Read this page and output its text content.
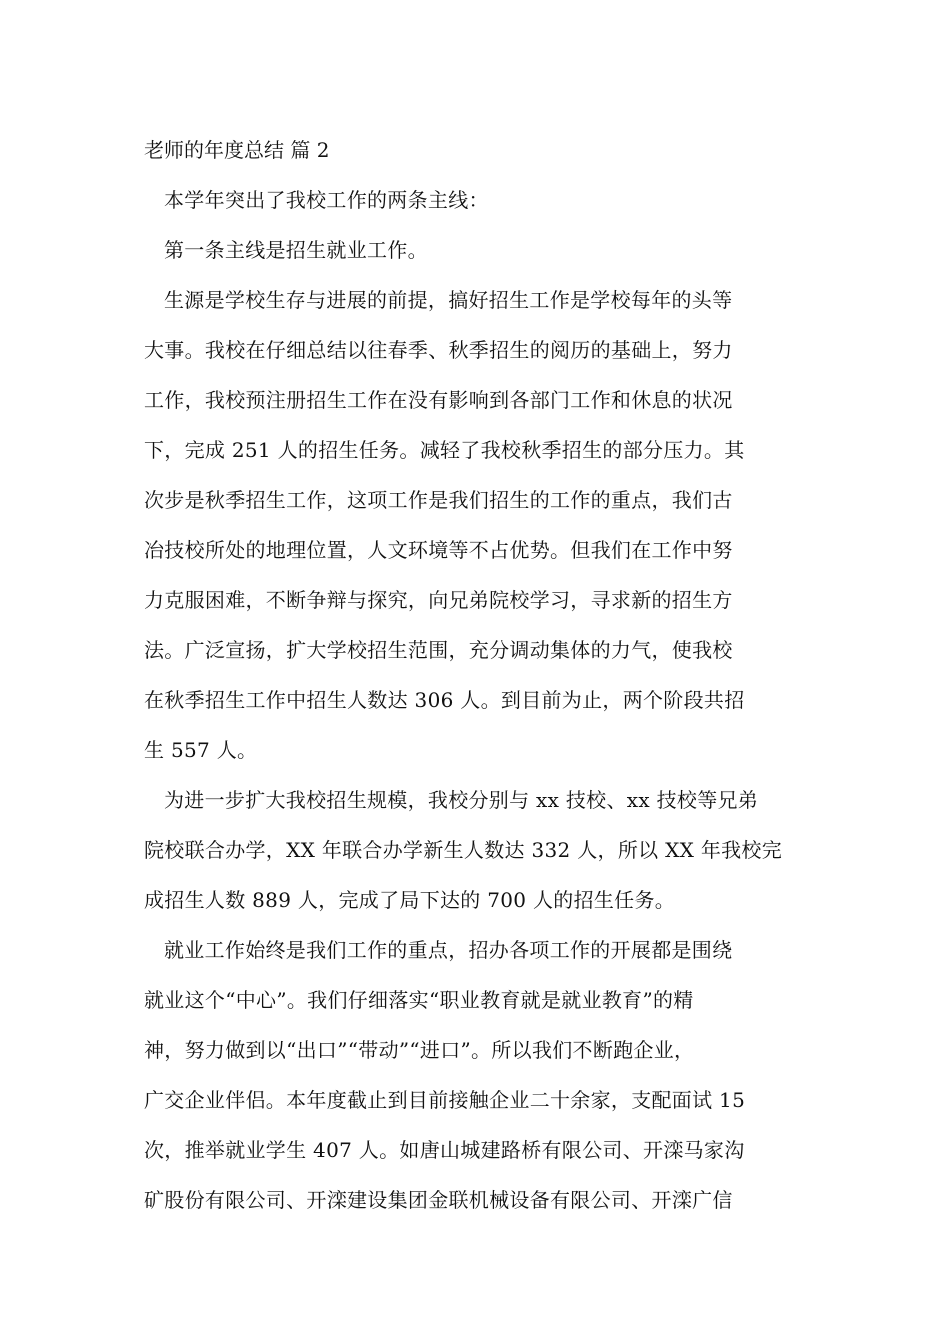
老师的年度总结 篇 2
本学年突出了我校工作的两条主线：
第一条主线是招生就业工作。
生源是学校生存与进展的前提，搞好招生工作是学校每年的头等
大事。我校在仔细总结以往春季、秋季招生的阅历的基础上，努力
工作，我校预注册招生工作在没有影响到各部门工作和休息的状况
下，完成 251 人的招生任务。减轻了我校秋季招生的部分压力。其
次步是秋季招生工作，这项工作是我们招生的工作的重点，我们古
冶技校所处的地理位置，人文环境等不占优势。但我们在工作中努
力克服困难，不断争辩与探究，向兄弟院校学习，寻求新的招生方
法。广泛宣扬，扩大学校招生范围，充分调动集体的力气，使我校
在秋季招生工作中招生人数达 306 人。到目前为止，两个阶段共招
生 557 人。
为进一步扩大我校招生规模，我校分别与 xx 技校、xx 技校等兄弟
院校联合办学，XX 年联合办学新生人数达 332 人，所以 XX 年我校完
成招生人数 889 人，完成了局下达的 700 人的招生任务。
就业工作始终是我们工作的重点，招办各项工作的开展都是围绕
就业这个“中心”。我们仔细落实“职业教育就是就业教育”的精
神，努力做到以“出口”“带动”“进口”。所以我们不断跑企业，
广交企业伴侣。本年度截止到目前接触企业二十余家，支配面试 15
次，推举就业学生 407 人。如唐山城建路桥有限公司、开滦马家沟
矿股份有限公司、开滦建设集团金联机械设备有限公司、开滦广信
